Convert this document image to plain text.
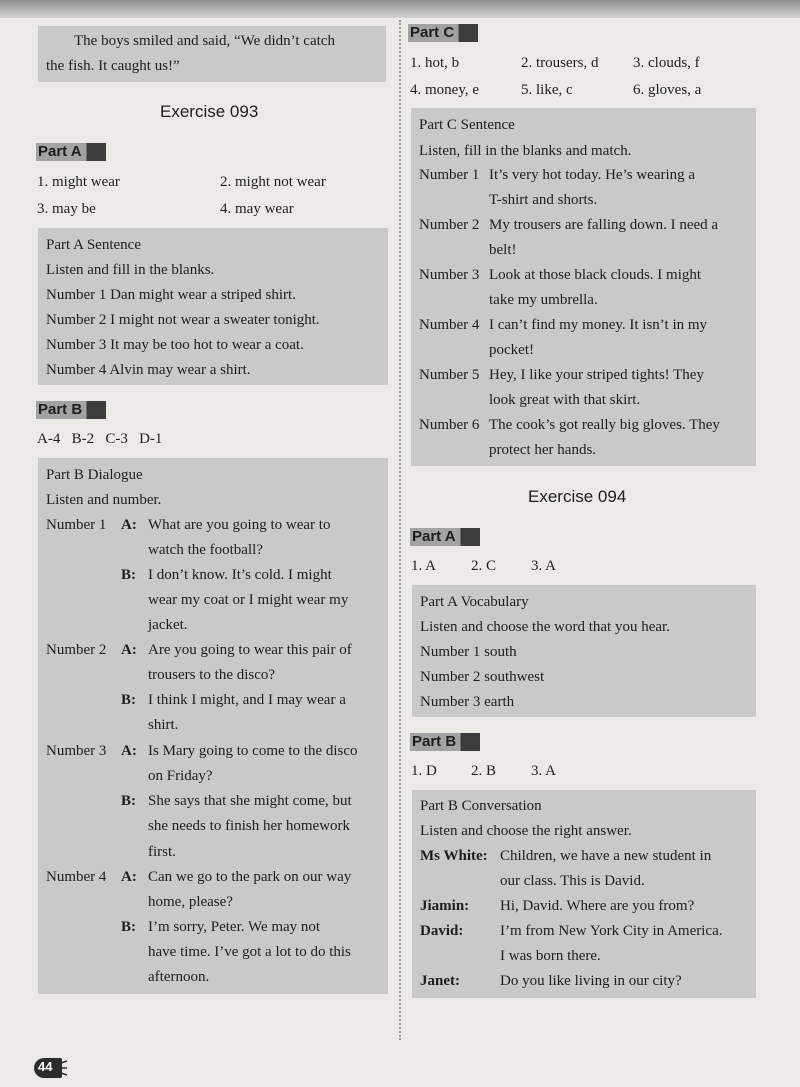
The boys smiled and said, “We didn’t catch
the fish. It caught us!”
Exercise 093
Part A
1. might wear	2. might not wear
3. may be	4. may wear
Part A Sentence
Listen and fill in the blanks.
Number 1 Dan might wear a striped shirt.
Number 2 I might not wear a sweater tonight.
Number 3 It may be too hot to wear a coat.
Number 4 Alvin may wear a shirt.
Part B
A-4   B-2   C-3   D-1
Part B Dialogue
Listen and number.
Number 1 A: What are you going to wear to
watch the football?
B: I don’t know. It’s cold. I might
wear my coat or I might wear my
jacket.
Number 2 A: Are you going to wear this pair of
trousers to the disco?
B: I think I might, and I may wear a
shirt.
Number 3 A: Is Mary going to come to the disco
on Friday?
B: She says that she might come, but
she needs to finish her homework
first.
Number 4 A: Can we go to the park on our way
home, please?
B: I’m sorry, Peter. We may not
have time. I’ve got a lot to do this
afternoon.
Part C
1. hot, b	2. trousers, d 3. clouds, f
4. money, e	5. like, c	6. gloves, a
Part C Sentence
Listen, fill in the blanks and match.
Number 1 It’s very hot today. He’s wearing a
T-shirt and shorts.
Number 2 My trousers are falling down. I need a
belt!
Number 3 Look at those black clouds. I might
take my umbrella.
Number 4 I can’t find my money. It isn’t in my
pocket!
Number 5 Hey, I like your striped tights! They
look great with that skirt.
Number 6 The cook’s got really big gloves. They
protect her hands.
Exercise 094
Part A
1. A 2. C 3. A
Part A Vocabulary
Listen and choose the word that you hear.
Number 1 south
Number 2 southwest
Number 3 earth
Part B
1. D 2. B 3. A
Part B Conversation
Listen and choose the right answer.
Ms White: Children, we have a new student in
our class. This is David.
Jiamin: Hi, David. Where are you from?
David: I’m from New York City in America.
I was born there.
Janet:	Do you like living in our city?
44
